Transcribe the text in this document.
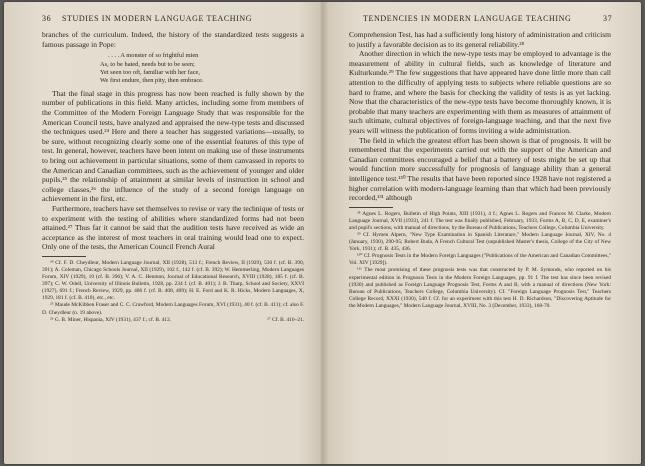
36 STUDIES IN MODERN LANGUAGE TEACHING

branches of the curriculum. Indeed, the history of the standardized tests suggests a famous passage in Pope:

. . . . A monster of so frightful mien
As, to be hated, needs but to be seen;
Yet seen too oft, familiar with her face,
We first endure, then pity, then embrace.

That the final stage in this progress has now been reached is fully shown by the number of publications in this field. Many articles, including some from members of the Committee of the Modern Foreign Language Study that was responsible for the American Council tests, have analyzed and appraised the new-type tests and discussed the techniques used.²⁴ Here and there a teacher has suggested variations—usually, to be sure, without recognizing clearly some one of the essential features of this type of test. In general, however, teachers have been intent on making use of these instruments to bring out achievement in particular situations, some of them canvassed in reports to the American and Canadian committees, such as the achievement of younger and older pupils,²⁵ the relationship of attainment at similar levels of instruction in school and college classes,²⁶ the influence of the study of a second foreign language on achievement in the first, etc.

Furthermore, teachers have set themselves to revise or vary the technique of tests or to experiment with the testing of abilities where standardized forms had not been attained.²⁷ Thus far it cannot be said that the audition tests have received as wide an acceptance as the interest of most teachers in oral training would lead one to expect. Only one of the tests, the American Council French Aural

²⁴ Cf. F. D. Cheydleur, Modern Language Journal, XII (1928), 513 f.; French Review, II (1929), 530 f. (cf. B. 390, 391); A. Coleman, Chicago Schools Journal, XII (1929), 102 f., 142 f. (cf. B. 392); W. Hemmerling, Modern Languages Forum, XIV (1929), 10 (cf. B. 396); V. A. C. Henmon, Journal of Educational Research, XVIII (1928), 185 f. (cf. B. 397); C. W. Odell, University of Illinois Bulletin, 1928, pp. 234 f. (cf. B. 401); J. B. Tharp, School and Society, XXVI (1927), 691 f.; French Review, 1929, pp. 486 f. (cf. B. 408, 409); H. E. Ford and K. R. Hicks, Modern Languages, X, 1929, 181 f. (cf. B. 410), etc., etc.

²⁵ Maude McKibben Fraser and C. C. Crawford, Modern Languages Forum, XVI (1931), 40 f. (cf. B. 411); cf. also F. D. Cheydleur (n. 19 above).

²⁶ G. B. Miner, Hispania, XIV (1931), 437 f.; cf. B. 412.	²⁷ Cf. B. 416–21.
TENDENCIES IN MODERN LANGUAGE TEACHING	37

Comprehension Test, has had a sufficiently long history of administration and criticism to justify a favorable decision as to its general reliability.²⁸

Another direction in which the new-type tests may be employed to advantage is the measurement of ability in cultural fields, such as knowledge of literature and Kulturkunde.²⁹ The few suggestions that have appeared have done little more than call attention to the difficulty of applying tests to subjects where reliable questions are so hard to frame, and where the basis for checking the validity of tests is as yet lacking. Now that the characteristics of the new-type tests have become thoroughly known, it is probable that many teachers are experimenting with them as measures of attainment of such ultimate, cultural objectives of foreign-language teaching, and that the next five years will witness the publication of forms inviting a wide administration.

The field in which the greatest effort has been shown is that of prognosis. It will be remembered that the experiments carried out with the support of the American and Canadian committees encouraged a belief that a battery of tests might be set up that would function more successfully for prognosis of language ability than a general intelligence test.¹³⁰ The results that have been reported since 1928 have not registered a higher correlation with modern-language learning than that which had been previously recorded,¹³¹ although

²⁸ Agnes L. Rogers, Bulletin of High Points, XIII (1931), 4 f.; Agnes L. Rogers and Frances M. Clarke, Modern Language Journal, XVII (1933), 241 f. The test was finally published, February, 1933, Forms A, B, C, D, E, examiner's and pupil's sections, with manual of directions, by the Bureau of Publications, Teachers College, Columbia University.

²⁹ Cf. Hymen Alpern, "New Type Examination in Spanish Literature," Modern Language Journal, XIV, No. 4 (January, 1930), 290-95; Robert Buda, A French Cultural Test (unpublished Master's thesis, College of the City of New York, 1931); cf. B. 435, 436.

¹³⁰ Cf. Prognosis Tests in the Modern Foreign Languages ("Publications of the American and Canadian Committees," Vol. XIV [1929]).

¹³¹ The most promising of these prognosis tests was that constructed by P. M. Symonds, who reported on his experimental edition in Prognosis Tests in the Modern Foreign Languages, pp. 91 f. The test has since been revised (1930) and published as Foreign Language Prognosis Test, Forms A and B, with a manual of directions (New York: Bureau of Publications, Teachers College, Columbia University). Cf. "Foreign Language Prognosis Test," Teachers College Record, XXXI (1930), 540 f. Cf. for an experiment with this test H. D. Richardson, "Discovering Aptitude for the Modern Languages," Modern Language Journal, XVIII, No. 3 (December, 1933), 160-70.
